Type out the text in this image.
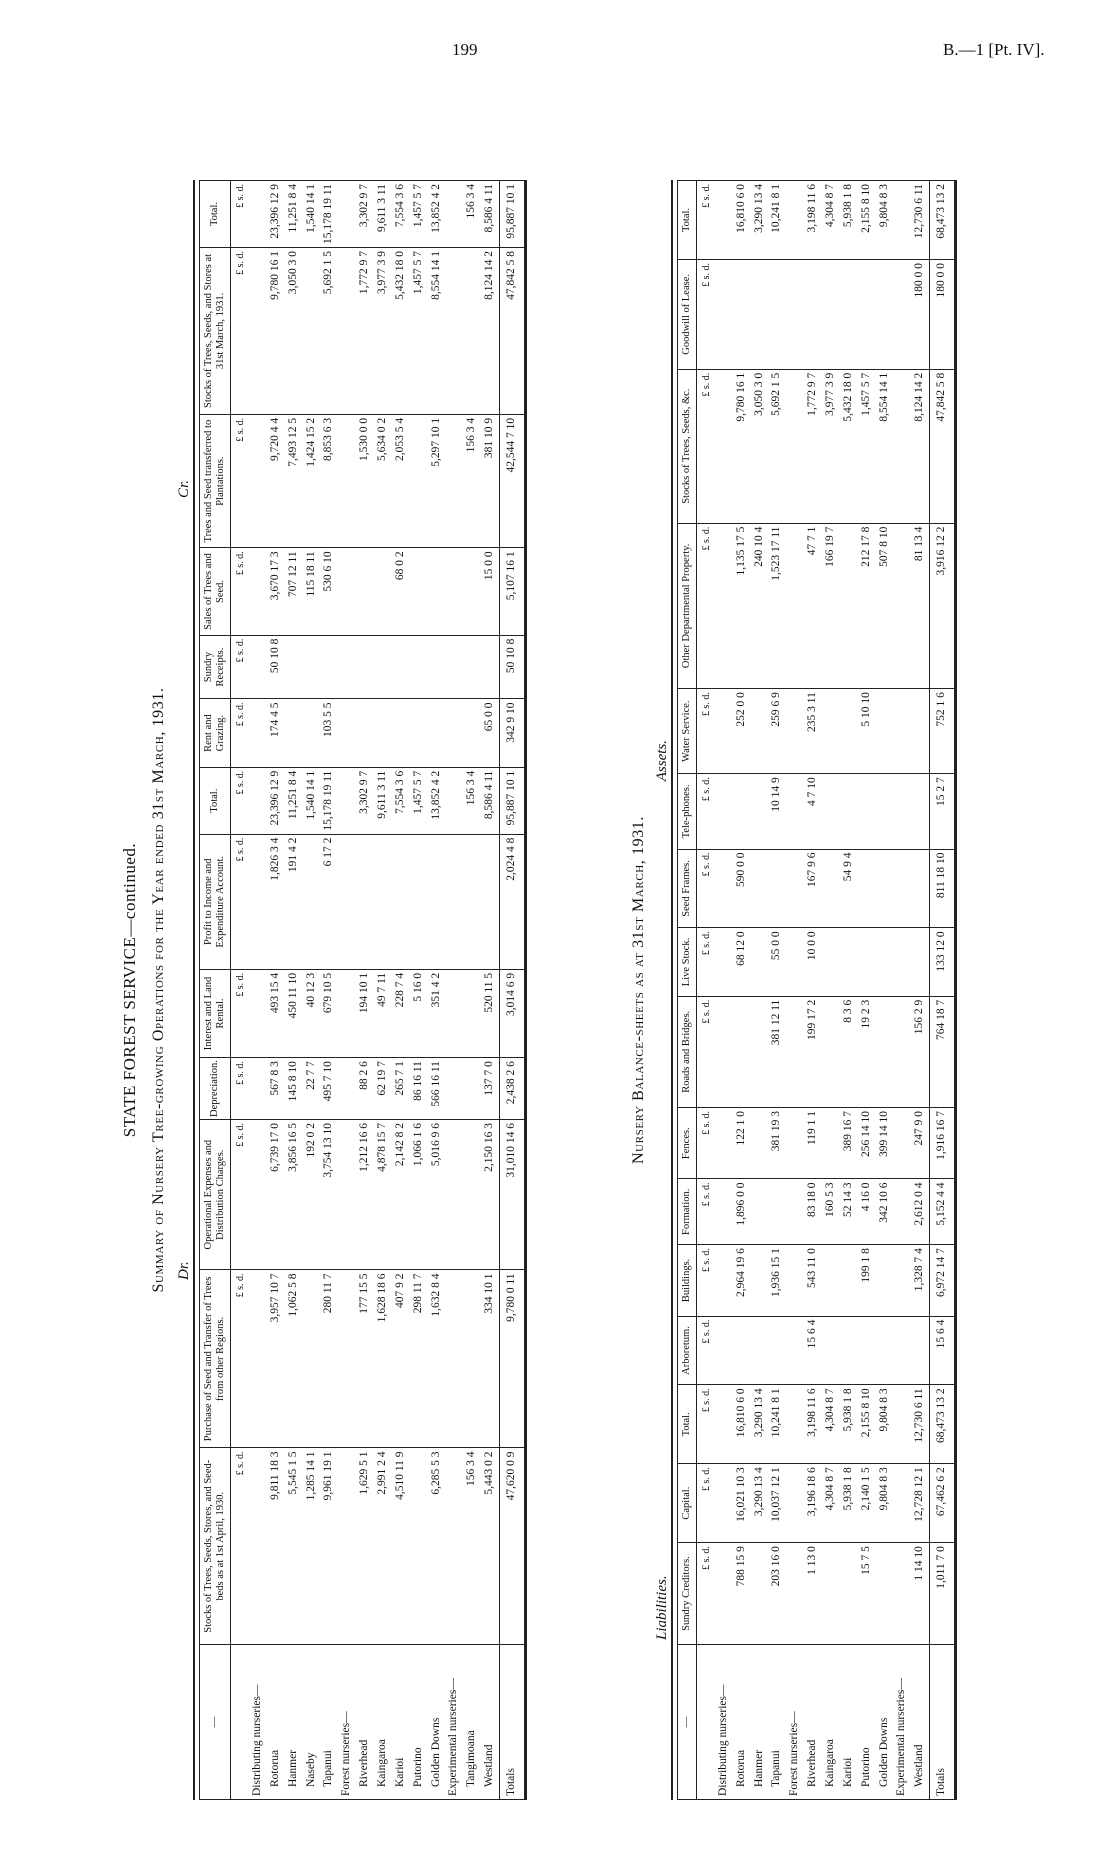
199	B.—1 [Pt. IV].
STATE FOREST SERVICE—continued. Summary of Nursery Tree-growing Operations for the Year ended 31st March, 1931. Dr.
Cr.
—	Stocks of Trees, Seeds, Stores, and Seed-beds as at 1st April, 1930.	Purchase of Seed and Transfer of Trees from other Regions.	Operational Expenses and Distribution Charges.	Depreciation.	Interest and Land Rental.	Profit to Income and Expenditure Account.	Total.	Rent and Grazing.	Sundry Receipts.	Sales of Trees and Seed.	Trees and Seed transferred to Plantations.	Stocks of Trees, Seeds, and Stores at 31st March, 1931.	Total.
	£ s. d.	£ s. d.	£ s. d.	£ s. d.	£ s. d.	£ s. d.	£ s. d.	£ s. d.	£ s. d.	£ s. d.	£ s. d.	£ s. d.	£ s. d.
Distributing nurseries—													
Rotorua	9,811 18 3	3,957 10 7	6,739 17 0	567 8 3	493 15 4	1,826 3 4	23,396 12 9	174 4 5	50 10 8	3,670 17 3	9,720 4 4	9,780 16 1	23,396 12 9
Hanmer	5,545 1 5	1,062 5 8	3,856 16 5	145 8 10	450 11 10	191 4 2	11,251 8 4			707 12 11	7,493 12 5	3,050 3 0	11,251 8 4
Naseby	1,285 14 1		192 0 2	22 7 7	40 12 3		1,540 14 1			115 18 11	1,424 15 2		1,540 14 1
Tapanui	9,961 19 1	280 11 7	3,754 13 10	495 7 10	679 10 5	6 17 2	15,178 19 11	103 5 5		530 6 10	8,853 6 3	5,692 1 5	15,178 19 11
Forest nurseries—													
Riverhead	1,629 5 1	177 15 5	1,212 16 6	88 2 6	194 10 1		3,302 9 7				1,530 0 0	1,772 9 7	3,302 9 7
Kaingaroa	2,991 2 4	1,628 18 6	4,878 15 7	62 19 7	49 7 11		9,611 3 11				5,634 0 2	3,977 3 9	9,611 3 11
Karioi	4,510 11 9	407 9 2	2,142 8 2	265 7 1	228 7 4		7,554 3 6			68 0 2	2,053 5 4	5,432 18 0	7,554 3 6
Putorino		298 11 7	1,066 1 6	86 16 11	5 16 0		1,457 5 7					1,457 5 7	1,457 5 7
Golden Downs	6,285 5 3	1,632 8 4	5,016 9 6	566 16 11	351 4 2		13,852 4 2				5,297 10 1	8,554 14 1	13,852 4 2
Experimental nurseries—													
Tangimoana	156 3 4						156 3 4				156 3 4		156 3 4
Westland	5,443 0 2	334 10 1	2,150 16 3	137 7 0	520 11 5		8,586 4 11	65 0 0		15 0 0	381 10 9	8,124 14 2	8,586 4 11
Totals	47,620 0 9	9,780 0 11	31,010 14 6	2,438 2 6	3,014 6 9	2,024 4 8	95,887 10 1	342 9 10	50 10 8	5,107 16 1	42,544 7 10	47,842 5 8	95,887 10 1
Nursery Balance-sheets as at 31st March, 1931.
Liabilities.
Assets.
—	Sundry Creditors.	Capital.	Total.	Arboretum.	Buildings.	Formation.	Fences.	Roads and Bridges.	Live Stock.	Seed Frames.	Tele-phones.	Water Service.	Other Departmental Property.	Stocks of Trees, Seeds, &c.	Goodwill of Lease.	Total.
	£ s. d.	£ s. d.	£ s. d.	£ s. d.	£ s. d.	£ s. d.	£ s. d.	£ s. d.	£ s. d.	£ s. d.	£ s. d.	£ s. d.	£ s. d.	£ s. d.	£ s. d.	£ s. d.
Distributing nurseries—																
Rotorua	788 15 9	16,021 10 3	16,810 6 0		2,964 19 6	1,896 0 0	122 1 0		68 12 0	590 0 0		252 0 0	1,135 17 5	9,780 16 1		16,810 6 0
Hanmer		3,290 13 4	3,290 13 4										240 10 4	3,050 3 0		3,290 13 4
Tapanui	203 16 0	10,037 12 1	10,241 8 1		1,936 15 1		381 19 3	381 12 11	55 0 0		10 14 9	259 6 9	1,523 17 11	5,692 1 5		10,241 8 1
Forest nurseries—																
Riverhead	1 13 0	3,196 18 6	3,198 11 6	15 6 4	543 11 0	83 18 0	119 1 1	199 17 2	10 0 0	167 9 6	4 7 10	235 3 11	47 7 1	1,772 9 7		3,198 11 6
Kaingaroa		4,304 8 7	4,304 8 7			160 5 3							166 19 7	3,977 3 9		4,304 8 7
Karioi		5,938 1 8	5,938 1 8			52 14 3	389 16 7	8 3 6		54 9 4				5,432 18 0		5,938 1 8
Putorino	15 7 5	2,140 1 5	2,155 8 10		199 1 8	4 16 0	256 14 10	19 2 3				5 10 10	212 17 8	1,457 5 7		2,155 8 10
Golden Downs		9,804 8 3	9,804 8 3			342 10 6	399 14 10						507 8 10	8,554 14 1		9,804 8 3
Experimental nurseries—																
Westland	1 14 10	12,728 12 1	12,730 6 11		1,328 7 4	2,612 0 4	247 9 0	156 2 9					81 13 4	8,124 14 2	180 0 0	12,730 6 11
Totals	1,011 7 0	67,462 6 2	68,473 13 2	15 6 4	6,972 14 7	5,152 4 4	1,916 16 7	764 18 7	133 12 0	811 18 10	15 2 7	752 1 6	3,916 12 2	47,842 5 8	180 0 0	68,473 13 2
